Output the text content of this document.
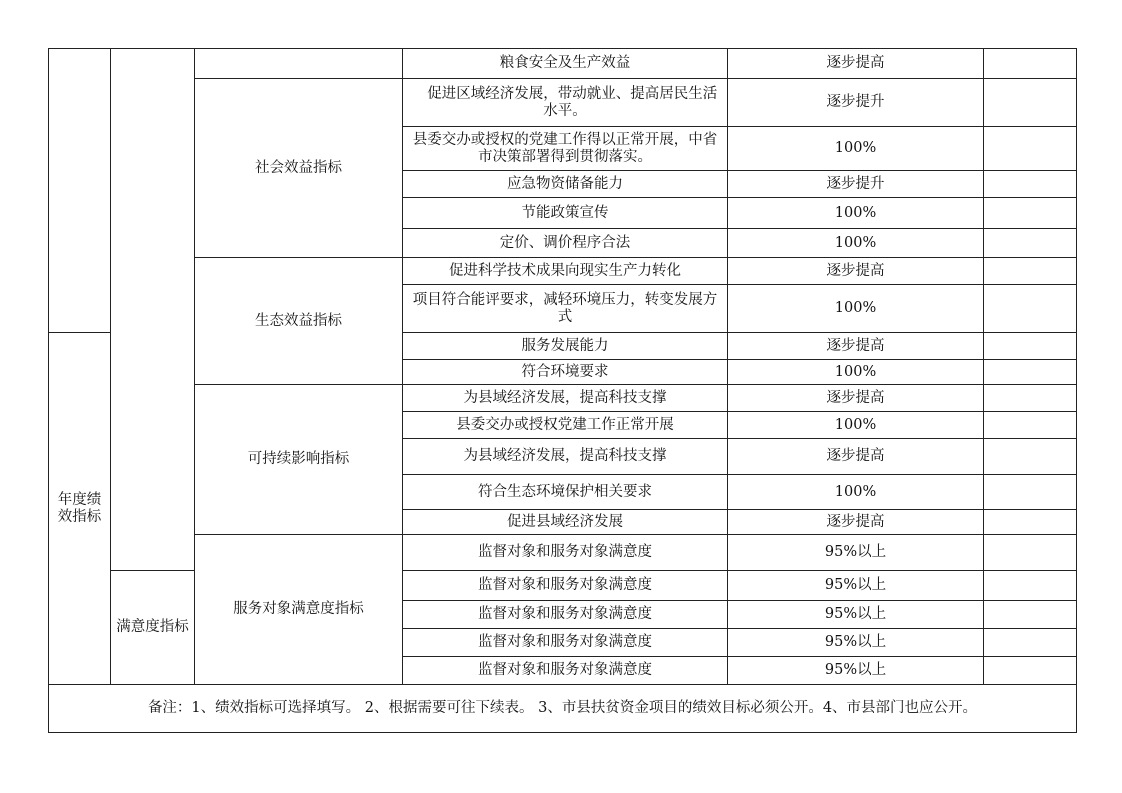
			粮食安全及生产效益	逐步提高	
		社会效益指标	促进区域经济发展，带动就业、提高居民生活水平。	逐步提升	
			县委交办或授权的党建工作得以正常开展，中省市决策部署得到贯彻落实。	100%	
			应急物资储备能力	逐步提升	
			节能政策宣传	100%	
			定价、调价程序合法	100%	
		生态效益指标	促进科学技术成果向现实生产力转化	逐步提高	
			项目符合能评要求，减轻环境压力，转变发展方式	100%	
年度绩效指标			服务发展能力	逐步提高	
			符合环境要求	100%	
		可持续影响指标	为县域经济发展，提高科技支撑	逐步提高	
			县委交办或授权党建工作正常开展	100%	
			为县域经济发展，提高科技支撑	逐步提高	
			符合生态环境保护相关要求	100%	
			促进县域经济发展	逐步提高	
		服务对象满意度指标	监督对象和服务对象满意度	95%以上	
	满意度指标		监督对象和服务对象满意度	95%以上	
			监督对象和服务对象满意度	95%以上	
			监督对象和服务对象满意度	95%以上	
			监督对象和服务对象满意度	95%以上	
备注：1、绩效指标可选择填写。 2、根据需要可往下续表。 3、市县扶贫资金项目的绩效目标必须公开。4、市县部门也应公开。					
